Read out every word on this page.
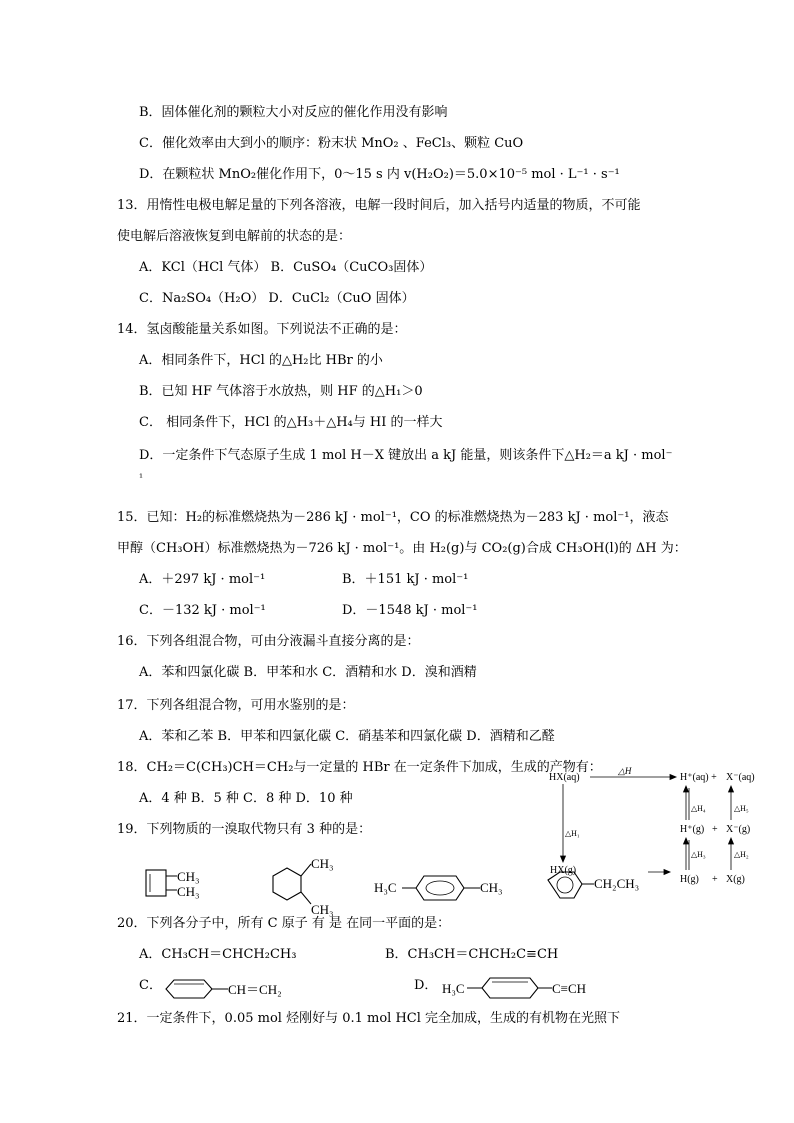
B．固体催化剂的颗粒大小对反应的催化作用没有影响
C．催化效率由大到小的顺序：粉末状 MnO₂ 、FeCl₃、颗粒 CuO
D．在颗粒状 MnO₂催化作用下，0～15 s 内 v(H₂O₂)＝5.0×10⁻⁵ mol · L⁻¹ · s⁻¹
13．用惰性电极电解足量的下列各溶液，电解一段时间后，加入括号内适量的物质，不可能
使电解后溶液恢复到电解前的状态的是：
A．KCl（HCl 气体） B．CuSO₄（CuCO₃固体）
C．Na₂SO₄（H₂O） D．CuCl₂（CuO 固体）
14．氢卤酸能量关系如图。下列说法不正确的是：
A．相同条件下，HCl 的△H₂比 HBr 的小
B．已知 HF 气体溶于水放热，则 HF 的△H₁＞0
C． 相同条件下，HCl 的△H₃＋△H₄与 HI 的一样大
D．一定条件下气态原子生成 1 mol H－X 键放出 a kJ 能量，则该条件下△H₂＝a kJ · mol⁻
¹
15．已知：H₂的标准燃烧热为－286 kJ · mol⁻¹，CO 的标准燃烧热为－283 kJ · mol⁻¹，液态
甲醇（CH₃OH）标准燃烧热为－726 kJ · mol⁻¹。由 H₂(g)与 CO₂(g)合成 CH₃OH(l)的 ΔH 为：
A．＋297 kJ · mol⁻¹	B．＋151 kJ · mol⁻¹
C．－132 kJ · mol⁻¹	D．－1548 kJ · mol⁻¹
16．下列各组混合物，可由分液漏斗直接分离的是：
A．苯和四氯化碳 B．甲苯和水 C．酒精和水 D．溴和酒精
17．下列各组混合物，可用水鉴别的是：
A．苯和乙苯 B．甲苯和四氯化碳 C．硝基苯和四氯化碳 D．酒精和乙醛
18．CH₂＝C(CH₃)CH＝CH₂与一定量的 HBr 在一定条件下加成，生成的产物有：
A．4 种 B．5 种 C．8 种 D．10 种
19．下列物质的一溴取代物只有 3 种的是：
20．下列各分子中，所有 C 原子 有 是 在同一平面的是：
A．CH₃CH＝CHCH₂CH₃	B．CH₃CH＝CHCH₂C≡CH
C．	D．
21．一定条件下，0.05 mol 烃刚好与 0.1 mol HCl 完全加成，生成的有机物在光照下
HX(aq)
△H
H⁺(aq) + X⁻(aq)
△H₄	△H₅
△H₁	H⁺(g) + X⁻(g)
△H₃	△H₂
HX(g)
H(g) + X(g)
CH₃
CH₃
CH₃
CH₃
H₃C	CH₃	CH₂CH₃
CH＝CH₂	H₃C	C≡CH
